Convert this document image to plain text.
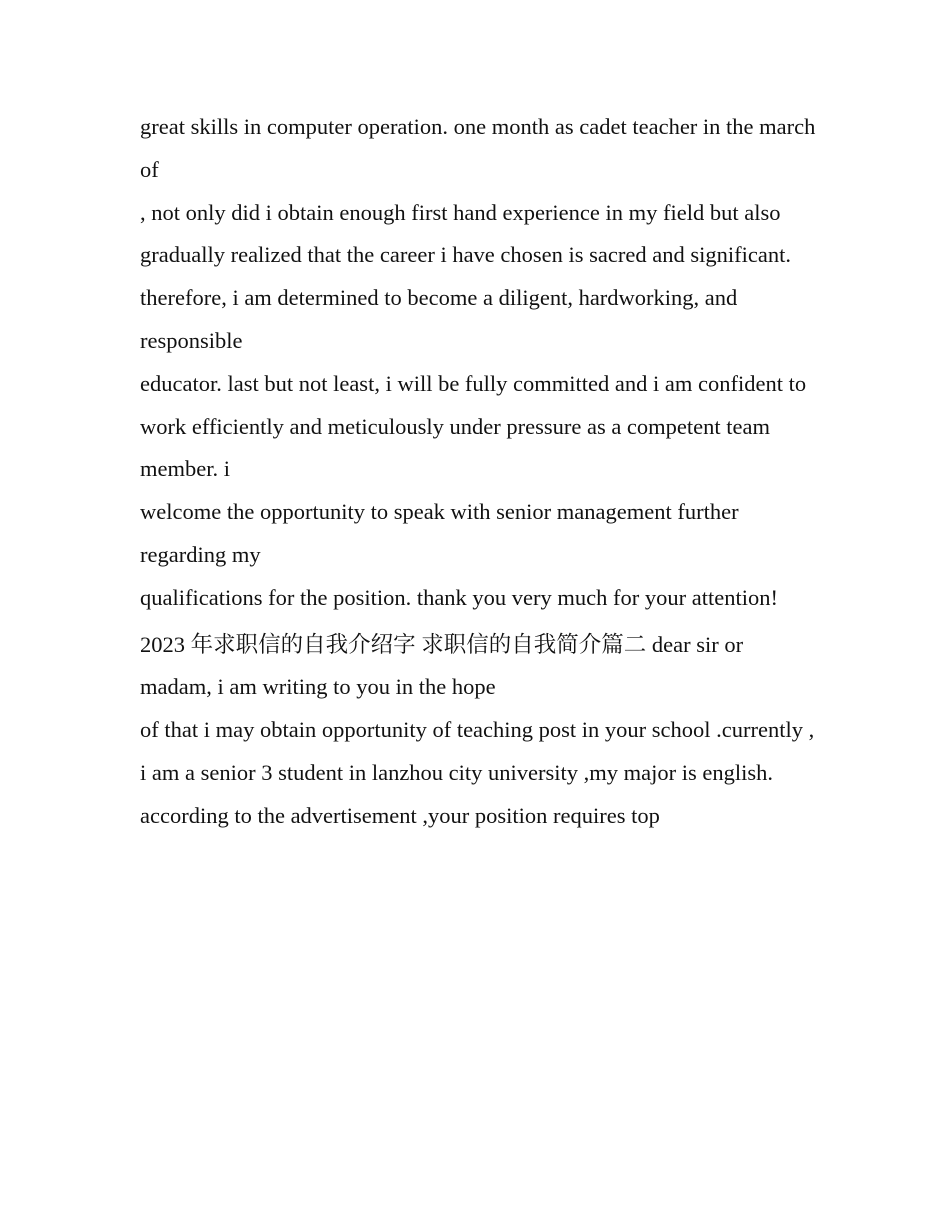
great skills in computer operation. one month as cadet teacher in the march of

, not only did i obtain enough first hand experience in my field but also

gradually realized that the career i have chosen is sacred and significant.

therefore, i am determined to become a diligent, hardworking, and responsible

educator. last but not least, i will be fully committed and i am confident to

work efficiently and meticulously under pressure as a competent team member. i

welcome the opportunity to speak with senior management further regarding my

qualifications for the position. thank you very much for your attention!

2023 年求职信的自我介绍字 求职信的自我简介篇二 dear sir or madam, i am writing to you in the hope

of that i may obtain opportunity of teaching post in your school .currently ,

i am a senior 3 student in lanzhou city university ,my major is english.

according to the advertisement ,your position requires top
